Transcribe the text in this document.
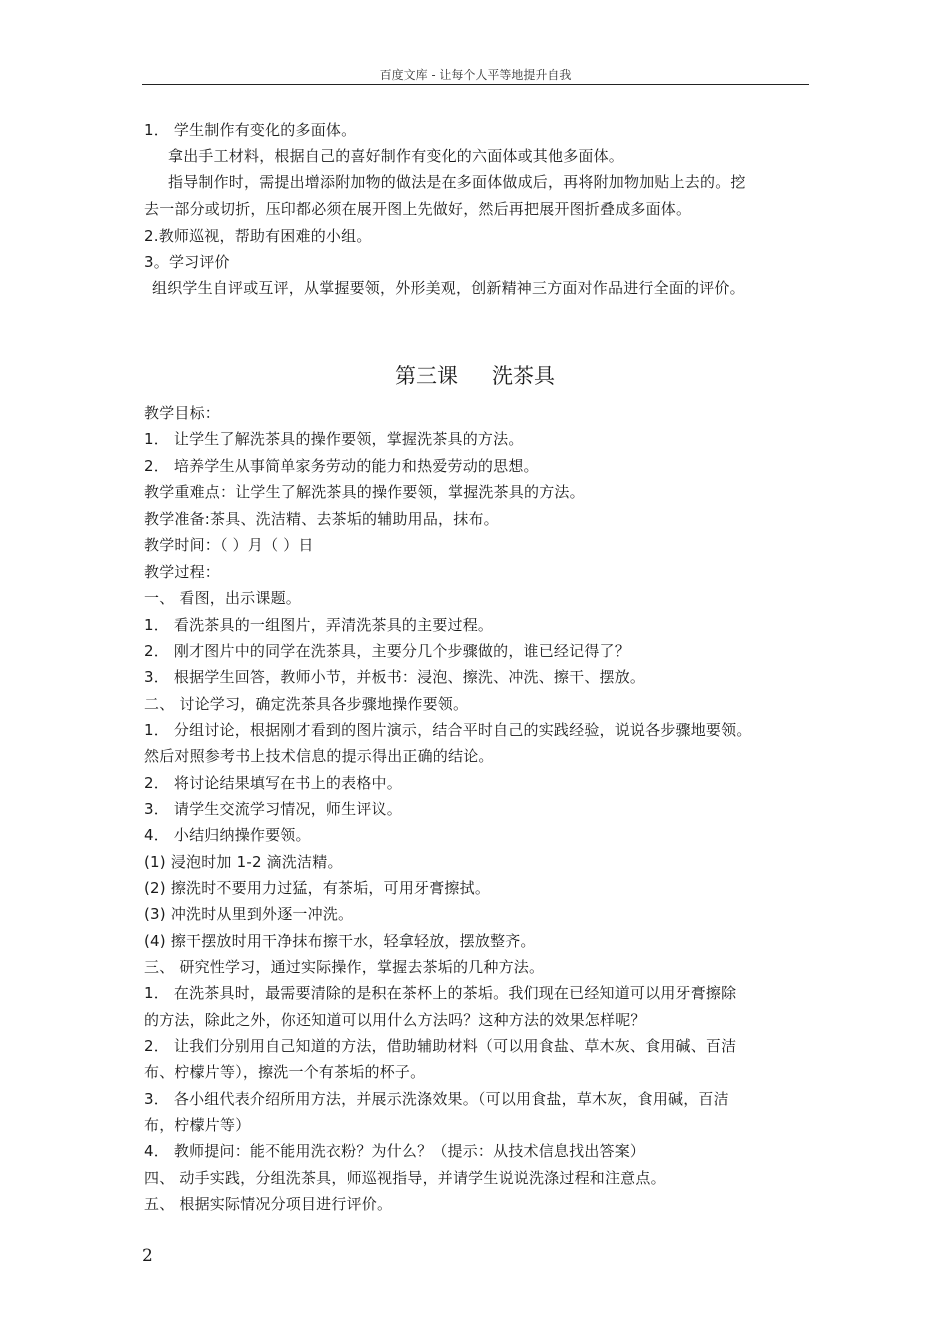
百度文库 - 让每个人平等地提升自我
1． 学生制作有变化的多面体。
拿出手工材料，根据自己的喜好制作有变化的六面体或其他多面体。
指导制作时，需提出增添附加物的做法是在多面体做成后，再将附加物加贴上去的。挖
去一部分或切折，压印都必须在展开图上先做好，然后再把展开图折叠成多面体。
2.教师巡视，帮助有困难的小组。
3。学习评价
组织学生自评或互评，从掌握要领，外形美观，创新精神三方面对作品进行全面的评价。
第三课 洗茶具
教学目标：
1． 让学生了解洗茶具的操作要领，掌握洗茶具的方法。
2． 培养学生从事简单家务劳动的能力和热爱劳动的思想。
教学重难点：让学生了解洗茶具的操作要领，掌握洗茶具的方法。
教学准备:茶具、洗洁精、去茶垢的辅助用品，抹布。
教学时间：（ ）月（ ）日
教学过程：
一、 看图，出示课题。
1． 看洗茶具的一组图片，弄清洗茶具的主要过程。
2． 刚才图片中的同学在洗茶具，主要分几个步骤做的，谁已经记得了？
3． 根据学生回答，教师小节，并板书：浸泡、擦洗、冲洗、擦干、摆放。
二、 讨论学习，确定洗茶具各步骤地操作要领。
1． 分组讨论，根据刚才看到的图片演示，结合平时自己的实践经验，说说各步骤地要领。
然后对照参考书上技术信息的提示得出正确的结论。
2． 将讨论结果填写在书上的表格中。
3． 请学生交流学习情况，师生评议。
4． 小结归纳操作要领。
(1) 浸泡时加 1-2 滴洗洁精。
(2) 擦洗时不要用力过猛，有茶垢，可用牙膏擦拭。
(3) 冲洗时从里到外逐一冲洗。
(4) 擦干摆放时用干净抹布擦干水，轻拿轻放，摆放整齐。
三、 研究性学习，通过实际操作，掌握去茶垢的几种方法。
1． 在洗茶具时，最需要清除的是积在茶杯上的茶垢。我们现在已经知道可以用牙膏擦除
的方法，除此之外，你还知道可以用什么方法吗？这种方法的效果怎样呢？
2． 让我们分别用自己知道的方法，借助辅助材料（可以用食盐、草木灰、食用碱、百洁
布、柠檬片等），擦洗一个有茶垢的杯子。
3． 各小组代表介绍所用方法，并展示洗涤效果。（可以用食盐，草木灰，食用碱，百洁
布，柠檬片等）
4． 教师提问：能不能用洗衣粉？为什么？（提示：从技术信息找出答案）
四、 动手实践，分组洗茶具，师巡视指导，并请学生说说洗涤过程和注意点。
五、 根据实际情况分项目进行评价。
2
